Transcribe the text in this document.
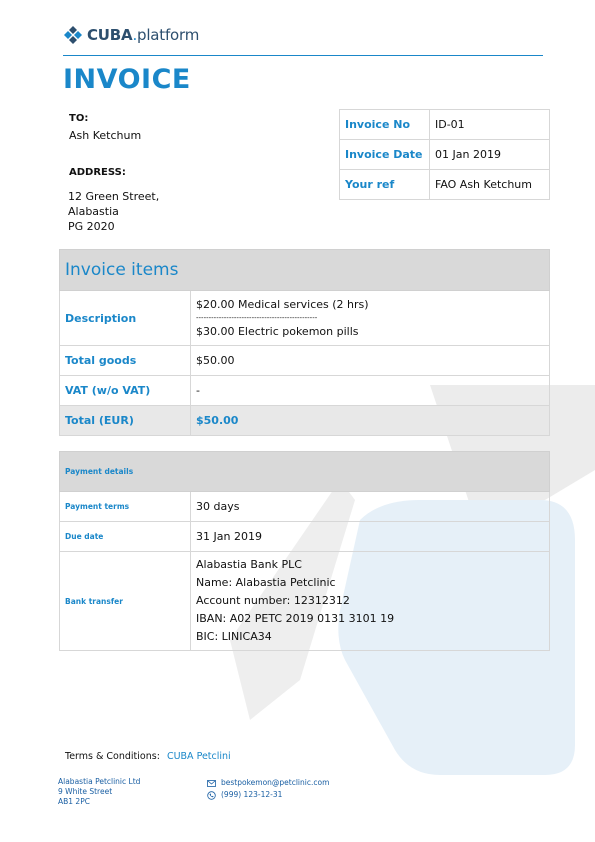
CUBA.platform
INVOICE
TO:
Ash Ketchum
ADDRESS:
12 Green Street,
Alabastia
PG 2020
Invoice No	ID-01
Invoice Date	01 Jan 2019
Your ref	FAO Ash Ketchum
Invoice items	

Description	$20.00 Medical services (2 hrs)
------------------------------------------------
$30.00 Electric pokemon pills

Total goods	$50.00
VAT (w/o VAT)	-
Total (EUR)	$50.00
Payment details	

Payment terms	30 days
Due date	31 Jan 2019
Bank transfer	Alabastia Bank PLC
Name: Alabastia Petclinic
Account number: 12312312
IBAN: A02 PETC 2019 0131 3101 19
BIC: LINICA34
Terms & Conditions: CUBA Petclini
Alabastia Petclinic Ltd
9 White Street
AB1 2PC
bestpokemon@petclinic.com
(999) 123-12-31
